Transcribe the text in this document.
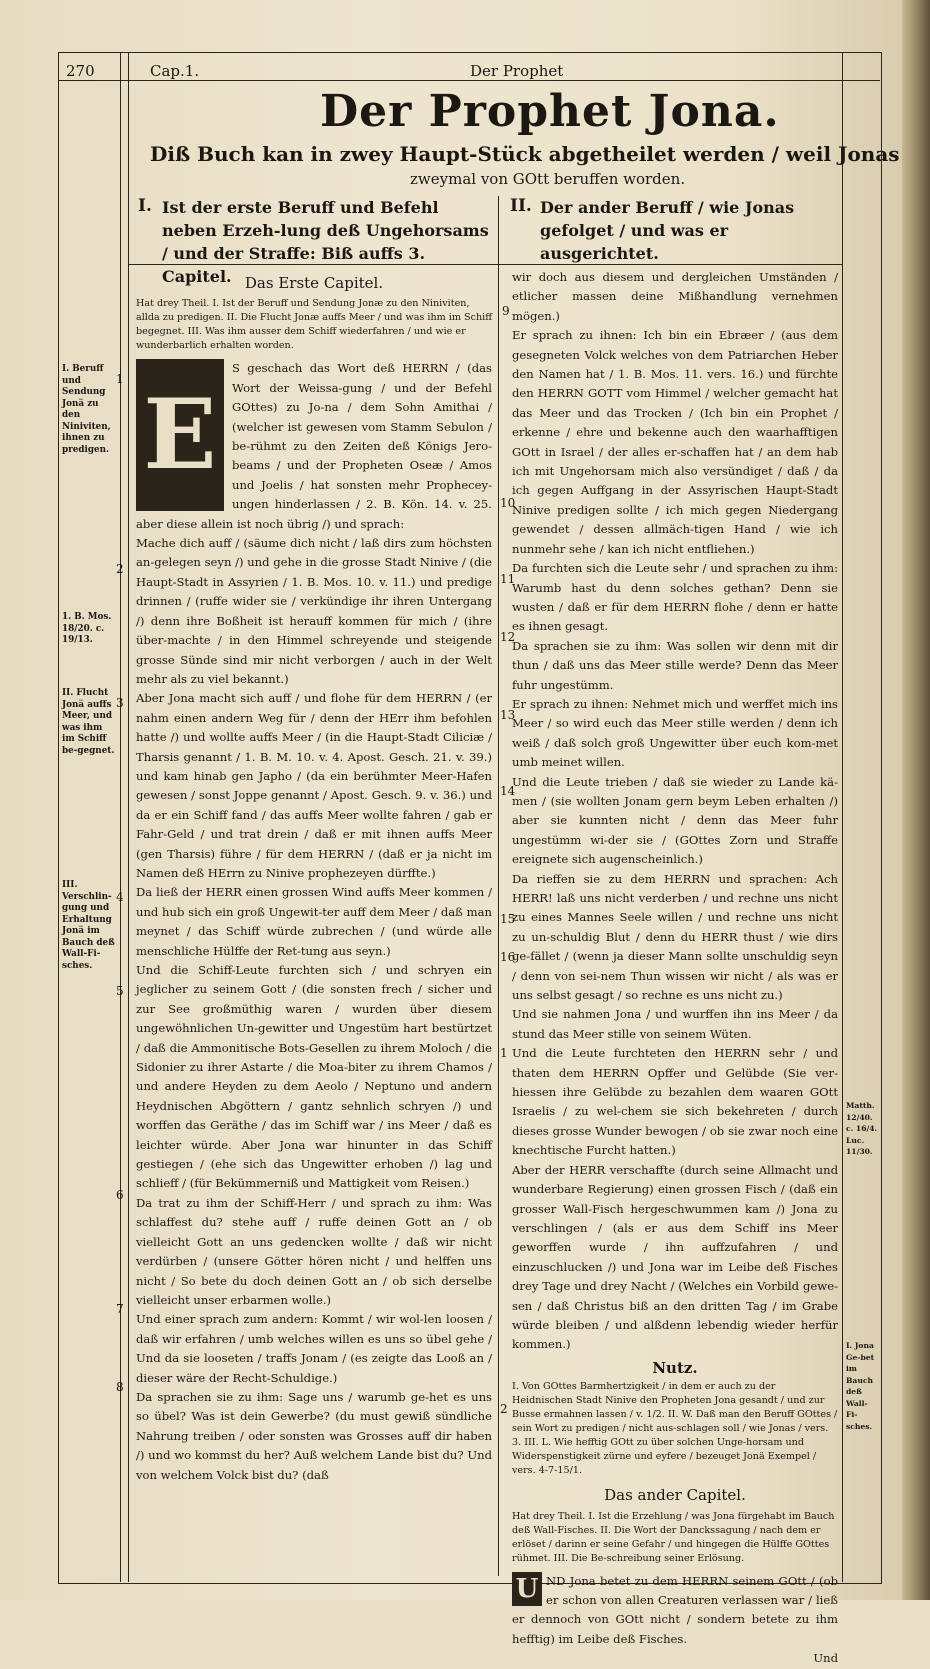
270	Cap.1.	Der Prophet
Der Prophet Jona.
Diß Buch kan in zwey Haupt-Stück abgetheilet werden / weil Jonas
zweymal von GOtt beruffen worden.
I. Ist der erste Beruff und Befehl neben Erzeh-lung deß Ungehorsams / und der Straffe: Biß auffs 3. Capitel.
II. Der ander Beruff / wie Jonas gefolget / und was er ausgerichtet.
I. Beruff und Sendung Jonä zu den Niniviten, ihnen zu predigen.
1. B. Mos. 18/20. c. 19/13.
II. Flucht Jonä auffs Meer, und was ihm im Schiff be-gegnet.
III. Verschlin-gung und Erhaltung Jonä im Bauch deß Wall-Fi-sches.
Matth. 12/40. c. 16/4. Luc. 11/30.
I. Jona Ge-bet im Bauch deß Wall-Fi-sches.
1
2
3
4
5
6
7
8
9
10
11
12
13
14
15
16
1
2
Das Erste Capitel.
Hat drey Theil. I. Ist der Beruff und Sendung Jonæ zu den Niniviten, allda zu predigen. II. Die Flucht Jonæ auffs Meer / und was ihm im Schiff begegnet. III. Was ihm ausser dem Schiff wiederfahren / und wie er wunderbarlich erhalten worden.

E
S geschach das Wort deß HERRN / (das Wort der Weissa-gung / und der Befehl GOttes) zu Jo-na / dem Sohn Amithai / (welcher ist gewesen vom Stamm Sebulon / be-rühmt zu den Zeiten deß Königs Jero-beams / und der Propheten Oseæ / Amos und Joelis / hat sonsten mehr Prophecey-ungen hinderlassen / 2. B. Kön. 14. v. 25. aber diese allein ist noch übrig /) und sprach:

Mache dich auff / (säume dich nicht / laß dirs zum höchsten an-gelegen seyn /) und gehe in die grosse Stadt Ninive / (die Haupt-Stadt in Assyrien / 1. B. Mos. 10. v. 11.) und predige drinnen / (ruffe wider sie / verkündige ihr ihren Untergang /) denn ihre Boßheit ist herauff kommen für mich / (ihre über-machte / in den Himmel schreyende und steigende grosse Sünde sind mir nicht verborgen / auch in der Welt mehr als zu viel bekannt.)

Aber Jona macht sich auff / und flohe für dem HERRN / (er nahm einen andern Weg für / denn der HErr ihm befohlen hatte /) und wollte auffs Meer / (in die Haupt-Stadt Ciliciæ / Tharsis genannt / 1. B. M. 10. v. 4. Apost. Gesch. 21. v. 39.) und kam hinab gen Japho / (da ein berühmter Meer-Hafen gewesen / sonst Joppe genannt / Apost. Gesch. 9. v. 36.) und da er ein Schiff fand / das auffs Meer wollte fahren / gab er Fahr-Geld / und trat drein / daß er mit ihnen auffs Meer (gen Tharsis) führe / für dem HERRN / (daß er ja nicht im Namen deß HErrn zu Ninive prophezeyen dürffte.)

Da ließ der HERR einen grossen Wind auffs Meer kommen / und hub sich ein groß Ungewit-ter auff dem Meer / daß man meynet / das Schiff würde zubrechen / (und würde alle menschliche Hülffe der Ret-tung aus seyn.)

Und die Schiff-Leute furchten sich / und schryen ein jeglicher zu seinem Gott / (die sonsten frech / sicher und zur See großmüthig waren / wurden über diesem ungewöhnlichen Un-gewitter und Ungestüm hart bestürtzet / daß die Ammonitische Bots-Gesellen zu ihrem Moloch / die Sidonier zu ihrer Astarte / die Moa-biter zu ihrem Chamos / und andere Heyden zu dem Aeolo / Neptuno und andern Heydnischen Abgöttern / gantz sehnlich schryen /) und worffen das Geräthe / das im Schiff war / ins Meer / daß es leichter würde. Aber Jona war hinunter in das Schiff gestiegen / (ehe sich das Ungewitter erhoben /) lag und schlieff / (für Bekümmerniß und Mattigkeit vom Reisen.)

Da trat zu ihm der Schiff-Herr / und sprach zu ihm: Was schlaffest du? stehe auff / ruffe deinen Gott an / ob vielleicht Gott an uns gedencken wollte / daß wir nicht verdürben / (unsere Götter hören nicht / und helffen uns nicht / So bete du doch deinen Gott an / ob sich derselbe vielleicht unser erbarmen wolle.)

Und einer sprach zum andern: Kommt / wir wol-len loosen / daß wir erfahren / umb welches willen es uns so übel gehe / Und da sie looseten / traffs Jonam / (es zeigte das Looß an / dieser wäre der Recht-Schuldige.)

Da sprachen sie zu ihm: Sage uns / warumb ge-het es uns so übel? Was ist dein Gewerbe? (du must gewiß sündliche Nahrung treiben / oder sonsten was Grosses auff dir haben /) und wo kommst du her? Auß welchem Lande bist du? Und von welchem Volck bist du? (daß

wir doch aus diesem und dergleichen Umständen / etlicher massen deine Mißhandlung vernehmen mögen.)

Er sprach zu ihnen: Ich bin ein Ebræer / (aus dem gesegneten Volck welches von dem Patriarchen Heber den Namen hat / 1. B. Mos. 11. vers. 16.) und fürchte den HERRN GOTT vom Himmel / welcher gemacht hat das Meer und das Trocken / (Ich bin ein Prophet / erkenne / ehre und bekenne auch den waarhafftigen GOtt in Israel / der alles er-schaffen hat / an dem hab ich mit Ungehorsam mich also versündiget / daß / da ich gegen Auffgang in der Assyrischen Haupt-Stadt Ninive predigen sollte / ich mich gegen Niedergang gewendet / dessen allmäch-tigen Hand / wie ich nunmehr sehe / kan ich nicht entfliehen.)

Da furchten sich die Leute sehr / und sprachen zu ihm: Warumb hast du denn solches gethan? Denn sie wusten / daß er für dem HERRN flohe / denn er hatte es ihnen gesagt.

Da sprachen sie zu ihm: Was sollen wir denn mit dir thun / daß uns das Meer stille werde? Denn das Meer fuhr ungestümm.

Er sprach zu ihnen: Nehmet mich und werffet mich ins Meer / so wird euch das Meer stille werden / denn ich weiß / daß solch groß Ungewitter über euch kom-met umb meinet willen.

Und die Leute trieben / daß sie wieder zu Lande kä-men / (sie wollten Jonam gern beym Leben erhalten /) aber sie kunnten nicht / denn das Meer fuhr ungestümm wi-der sie / (GOttes Zorn und Straffe ereignete sich augenscheinlich.)

Da rieffen sie zu dem HERRN und sprachen: Ach HERR! laß uns nicht verderben / und rechne uns nicht zu eines Mannes Seele willen / und rechne uns nicht zu un-schuldig Blut / denn du HERR thust / wie dirs ge-fället / (wenn ja dieser Mann sollte unschuldig seyn / denn von sei-nem Thun wissen wir nicht / als was er uns selbst gesagt / so rechne es uns nicht zu.)

Und sie nahmen Jona / und wurffen ihn ins Meer / da stund das Meer stille von seinem Wüten.

Und die Leute furchteten den HERRN sehr / und thaten dem HERRN Opffer und Gelübde (Sie ver-hiessen ihre Gelübde zu bezahlen dem waaren GOtt Israelis / zu wel-chem sie sich bekehreten / durch dieses grosse Wunder bewogen / ob sie zwar noch eine knechtische Furcht hatten.)

Aber der HERR verschaffte (durch seine Allmacht und wunderbare Regierung) einen grossen Fisch / (daß ein grosser Wall-Fisch hergeschwummen kam /) Jona zu verschlingen / (als er aus dem Schiff ins Meer geworffen wurde / ihn auffzufahren / und einzuschlucken /) und Jona war im Leibe deß Fisches drey Tage und drey Nacht / (Welches ein Vorbild gewe-sen / daß Christus biß an den dritten Tag / im Grabe würde bleiben / und alßdenn lebendig wieder herfür kommen.)

Nutz.
I. Von GOttes Barmhertzigkeit / in dem er auch zu der Heidnischen Stadt Ninive den Propheten Jona gesandt / und zur Busse ermahnen lassen / v. 1/2. II. W. Daß man den Beruff GOttes / sein Wort zu predigen / nicht aus-schlagen soll / wie Jonas / vers. 3. III. L. Wie hefftig GOtt zu über solchen Unge-horsam und Widerspenstigkeit zürne und eyfere / bezeuget Jonä Exempel / vers. 4-7-15/1.
Das ander Capitel.
Hat drey Theil. I. Ist die Erzehlung / was Jona fürgehabt im Bauch deß Wall-Fisches. II. Die Wort der Danckssagung / nach dem er erlöset / darinn er seine Gefahr / und hingegen die Hülffe GOttes rühmet. III. Die Be-schreibung seiner Erlösung.

U ND Jona betet zu dem HERRN seinem GOtt / (ob er schon von allen Creaturen verlassen war / ließ er dennoch von GOtt nicht / sondern betete zu ihm hefftig) im Leibe deß Fisches.

Und
